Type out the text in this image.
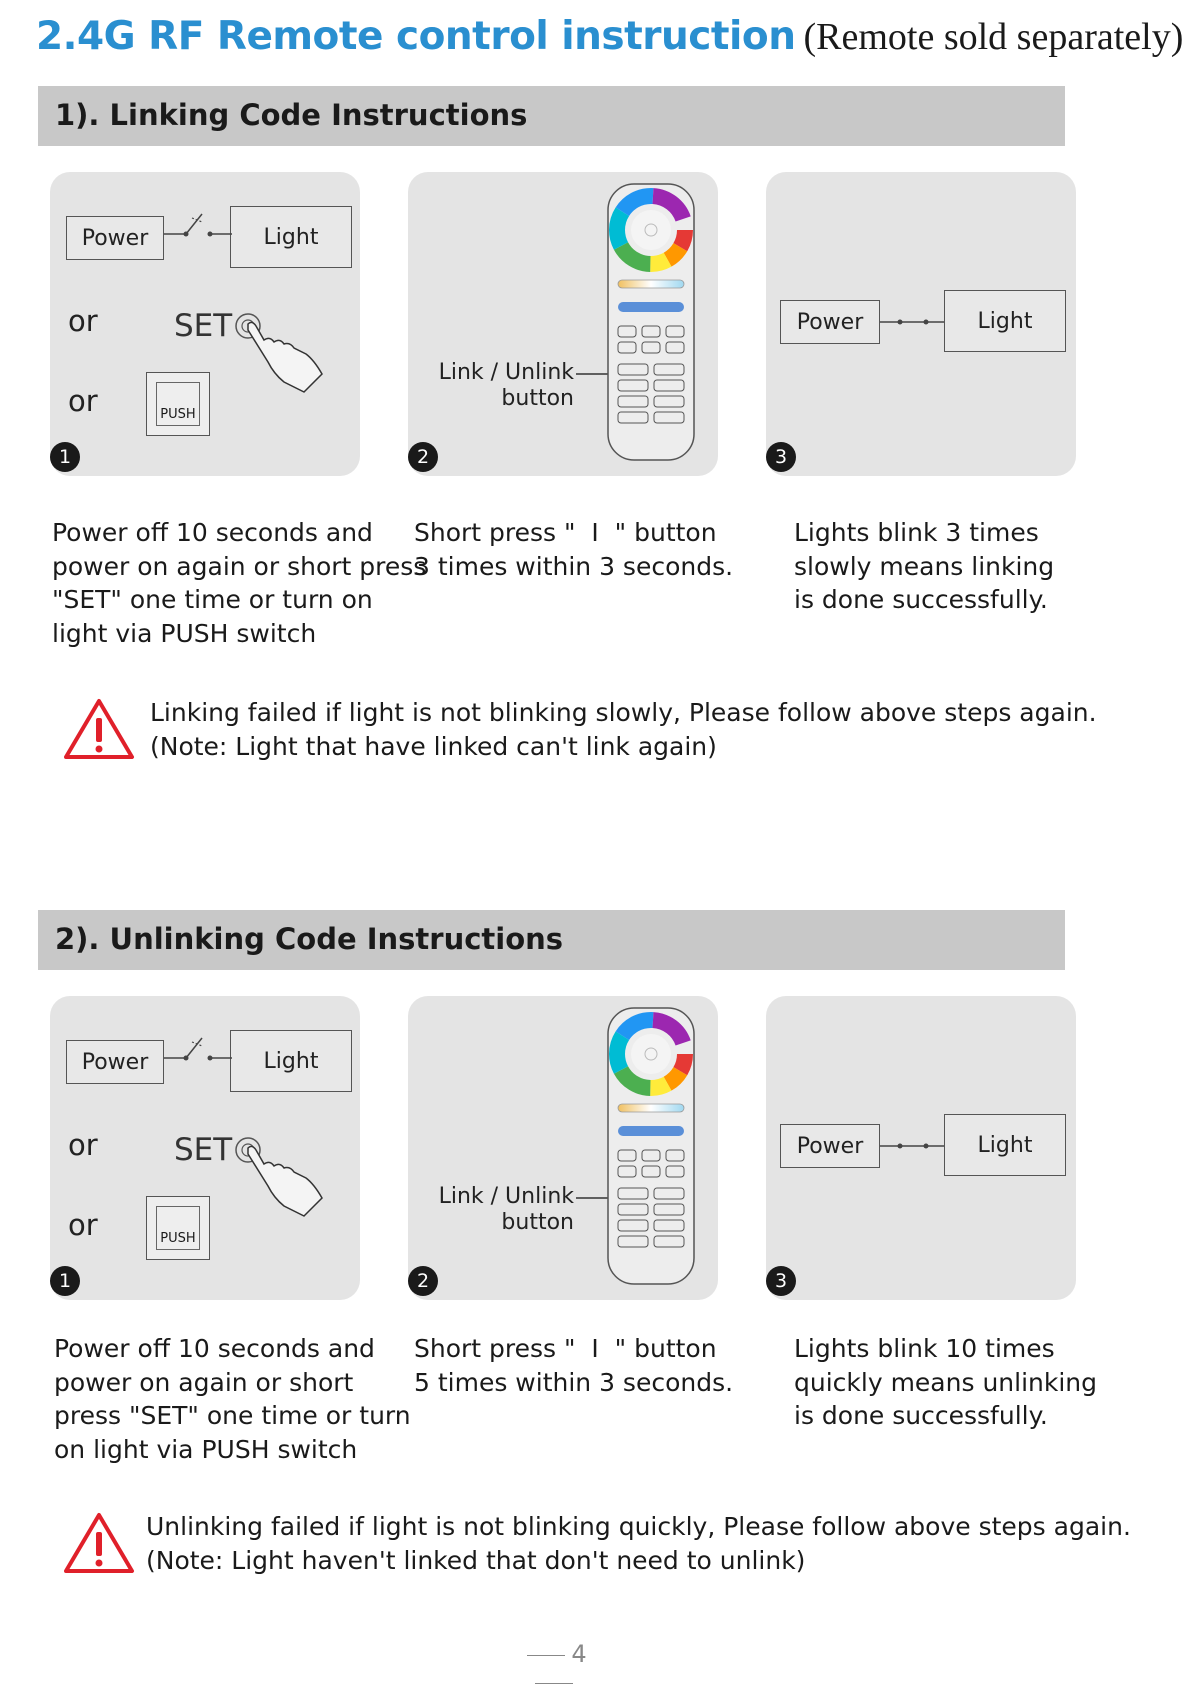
2.4G RF Remote control instruction (Remote sold separately)
1). Linking Code Instructions
Power	Light
or SET
or	PUSH
1
Link / Unlink
button
2
Power	Light
3
Power off 10 seconds and
power on again or short press
"SET" one time or turn on
light via PUSH switch
Short press "  I  " button
3 times within 3 seconds.
Lights blink 3 times
slowly means linking
is done successfully.
Linking failed if light is not blinking slowly, Please follow above steps again.
(Note: Light that have linked can't link again)
2). Unlinking Code Instructions
Power	Light
or SET
or	PUSH
1
Link / Unlink
button
2
Power	Light
3
Power off 10 seconds and
power on again or short
press "SET" one time or turn
on light via PUSH switch
Short press "  I  " button
5 times within 3 seconds.
Lights blink 10 times
quickly means unlinking
is done successfully.
Unlinking failed if light is not blinking quickly, Please follow above steps again.
(Note: Light haven't linked that don't need to unlink)
4
